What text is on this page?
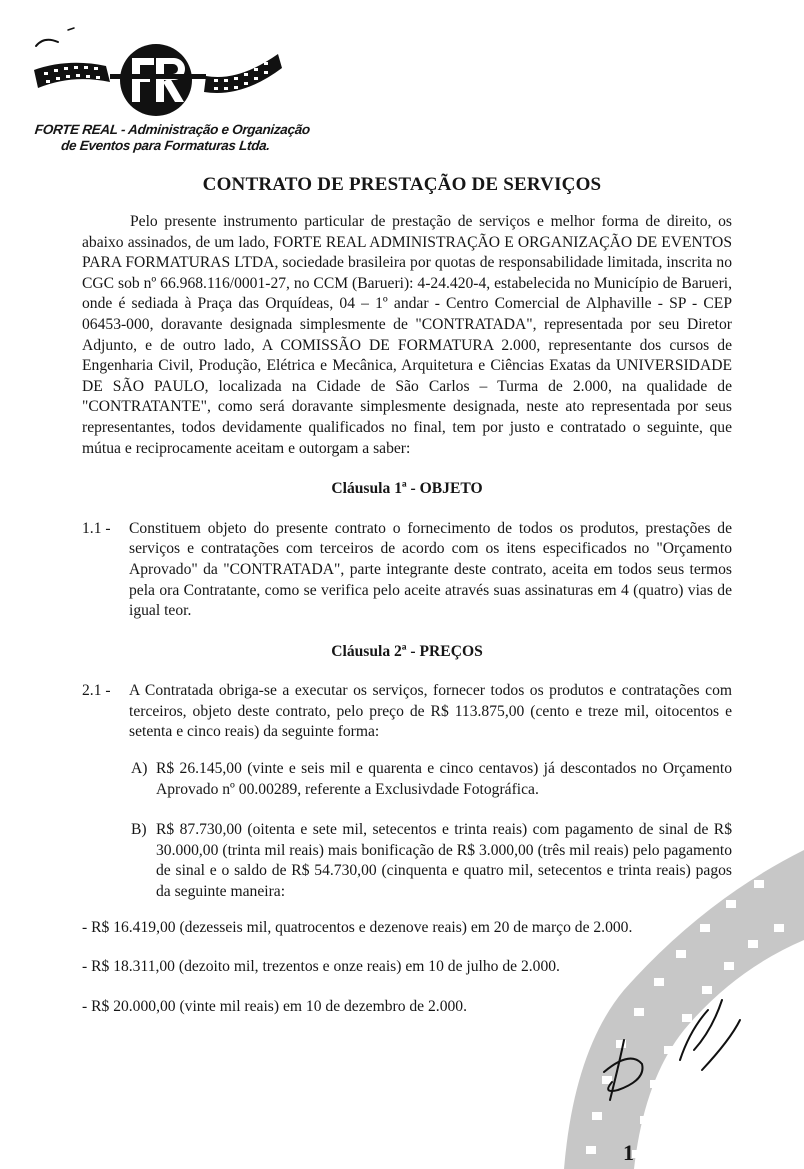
FORTE REAL - Administração e Organização
de Eventos para Formaturas Ltda.
CONTRATO DE PRESTAÇÃO DE SERVIÇOS

Pelo presente instrumento particular de prestação de serviços e melhor forma de direito, os abaixo assinados, de um lado, FORTE REAL ADMINISTRAÇÃO E ORGANIZAÇÃO DE EVENTOS PARA FORMATURAS LTDA, sociedade brasileira por quotas de responsabilidade limitada, inscrita no CGC sob nº 66.968.116/0001-27, no CCM (Barueri): 4-24.420-4, estabelecida no Município de Barueri, onde é sediada à Praça das Orquídeas, 04 – 1º andar - Centro Comercial de Alphaville - SP - CEP 06453-000, doravante designada simplesmente de "CONTRATADA", representada por seu Diretor Adjunto, e de outro lado, A COMISSÃO DE FORMATURA 2.000, representante dos cursos de Engenharia Civil, Produção, Elétrica e Mecânica, Arquitetura e Ciências Exatas da UNIVERSIDADE DE SÃO PAULO, localizada na Cidade de São Carlos – Turma de 2.000, na qualidade de "CONTRATANTE", como será doravante simplesmente designada, neste ato representada por seus representantes, todos devidamente qualificados no final, tem por justo e contratado o seguinte, que mútua e reciprocamente aceitam e outorgam a saber:

Cláusula 1ª - OBJETO

1.1 - Constituem objeto do presente contrato o fornecimento de todos os produtos, prestações de serviços e contratações com terceiros de acordo com os itens especificados no "Orçamento Aprovado" da "CONTRATADA", parte integrante deste contrato, aceita em todos seus termos pela ora Contratante, como se verifica pelo aceite através suas assinaturas em 4 (quatro) vias de igual teor.

Cláusula 2ª - PREÇOS

2.1 - A Contratada obriga-se a executar os serviços, fornecer todos os produtos e contratações com terceiros, objeto deste contrato, pelo preço de R$ 113.875,00 (cento e treze mil, oitocentos e setenta e cinco reais) da seguinte forma:
A) R$ 26.145,00 (vinte e seis mil e quarenta e cinco centavos) já descontados no Orçamento Aprovado nº 00.00289, referente a Exclusivdade Fotográfica.
B) R$ 87.730,00 (oitenta e sete mil, setecentos e trinta reais) com pagamento de sinal de R$ 30.000,00 (trinta mil reais) mais bonificação de R$ 3.000,00 (três mil reais) pelo pagamento de sinal e o saldo de R$ 54.730,00 (cinquenta e quatro mil, setecentos e trinta reais) pagos da seguinte maneira:

- R$ 16.419,00 (dezesseis mil, quatrocentos e dezenove reais) em 20 de março de 2.000.

- R$ 18.311,00 (dezoito mil, trezentos e onze reais) em 10 de julho de 2.000.

- R$ 20.000,00 (vinte mil reais) em 10 de dezembro de 2.000.

1
